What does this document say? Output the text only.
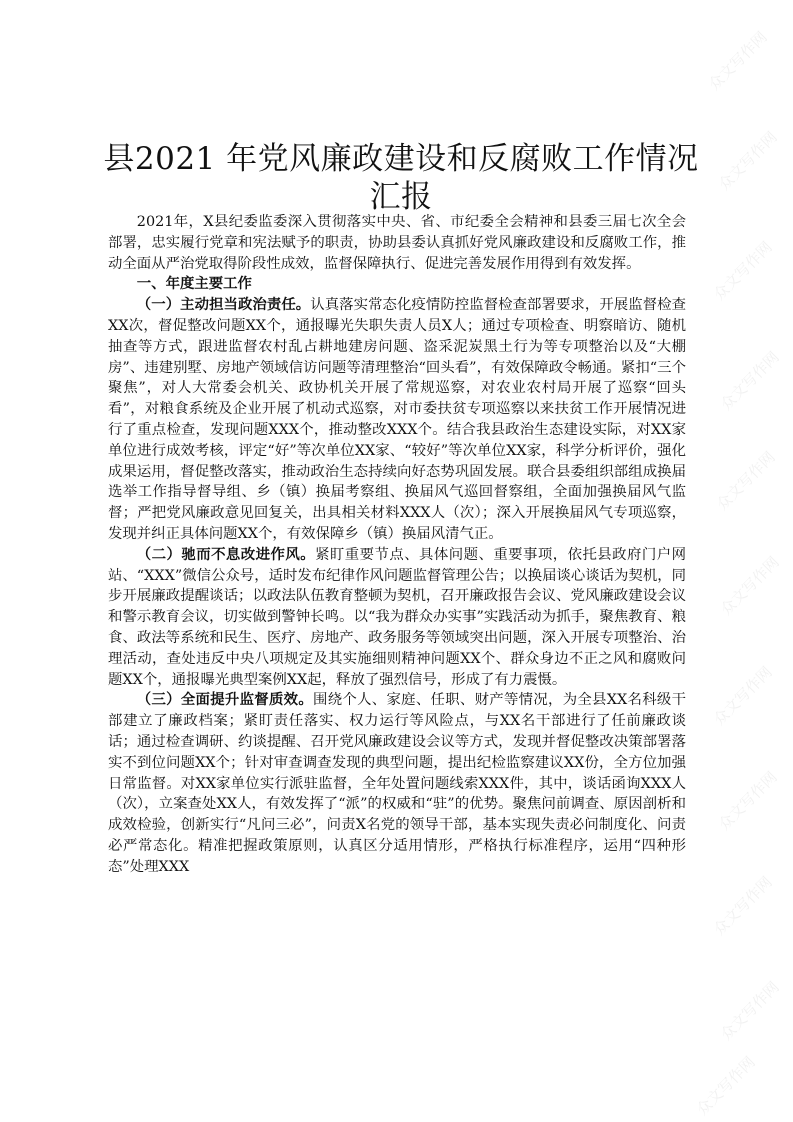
众文写作网
众文写作网
众文写作网
众文写作网
众文写作网
众文写作网
众文写作网
众文写作网
众文写作网
众文写作网
众文写作网
县2021 年党风廉政建设和反腐败工作情况汇报

2021年，X县纪委监委深入贯彻落实中央、省、市纪委全会精神和县委三届七次全会部署，忠实履行党章和宪法赋予的职责，协助县委认真抓好党风廉政建设和反腐败工作，推动全面从严治党取得阶段性成效，监督保障执行、促进完善发展作用得到有效发挥。

一、年度主要工作

（一）主动担当政治责任。认真落实常态化疫情防控监督检查部署要求，开展监督检查XX次，督促整改问题XX个，通报曝光失职失责人员X人；通过专项检查、明察暗访、随机抽查等方式，跟进监督农村乱占耕地建房问题、盗采泥炭黑土行为等专项整治以及“大棚房”、违建别墅、房地产领域信访问题等清理整治“回头看”，有效保障政令畅通。紧扣“三个聚焦”，对人大常委会机关、政协机关开展了常规巡察，对农业农村局开展了巡察“回头看”，对粮食系统及企业开展了机动式巡察，对市委扶贫专项巡察以来扶贫工作开展情况进行了重点检查，发现问题XXX个，推动整改XXX个。结合我县政治生态建设实际，对XX家单位进行成效考核，评定“好”等次单位XX家、“较好”等次单位XX家，科学分析评价，强化成果运用，督促整改落实，推动政治生态持续向好态势巩固发展。联合县委组织部组成换届选举工作指导督导组、乡（镇）换届考察组、换届风气巡回督察组，全面加强换届风气监督；严把党风廉政意见回复关，出具相关材料XXX人（次）；深入开展换届风气专项巡察，发现并纠正具体问题XX个，有效保障乡（镇）换届风清气正。

（二）驰而不息改进作风。紧盯重要节点、具体问题、重要事项，依托县政府门户网站、“XXX”微信公众号，适时发布纪律作风问题监督管理公告；以换届谈心谈话为契机，同步开展廉政提醒谈话；以政法队伍教育整顿为契机，召开廉政报告会议、党风廉政建设会议和警示教育会议，切实做到警钟长鸣。以“我为群众办实事”实践活动为抓手，聚焦教育、粮食、政法等系统和民生、医疗、房地产、政务服务等领域突出问题，深入开展专项整治、治理活动，查处违反中央八项规定及其实施细则精神问题XX个、群众身边不正之风和腐败问题XX个，通报曝光典型案例XX起，释放了强烈信号，形成了有力震慑。

（三）全面提升监督质效。围绕个人、家庭、任职、财产等情况，为全县XX名科级干部建立了廉政档案；紧盯责任落实、权力运行等风险点，与XX名干部进行了任前廉政谈话；通过检查调研、约谈提醒、召开党风廉政建设会议等方式，发现并督促整改决策部署落实不到位问题XX个；针对审查调查发现的典型问题，提出纪检监察建议XX份，全方位加强日常监督。对XX家单位实行派驻监督，全年处置问题线索XXX件，其中，谈话函询XXX人（次），立案查处XX人，有效发挥了“派”的权威和“驻”的优势。聚焦问前调查、原因剖析和成效检验，创新实行“凡问三必”，问责X名党的领导干部，基本实现失责必问制度化、问责必严常态化。精准把握政策原则，认真区分适用情形，严格执行标准程序，运用“四种形态”处理XXX
